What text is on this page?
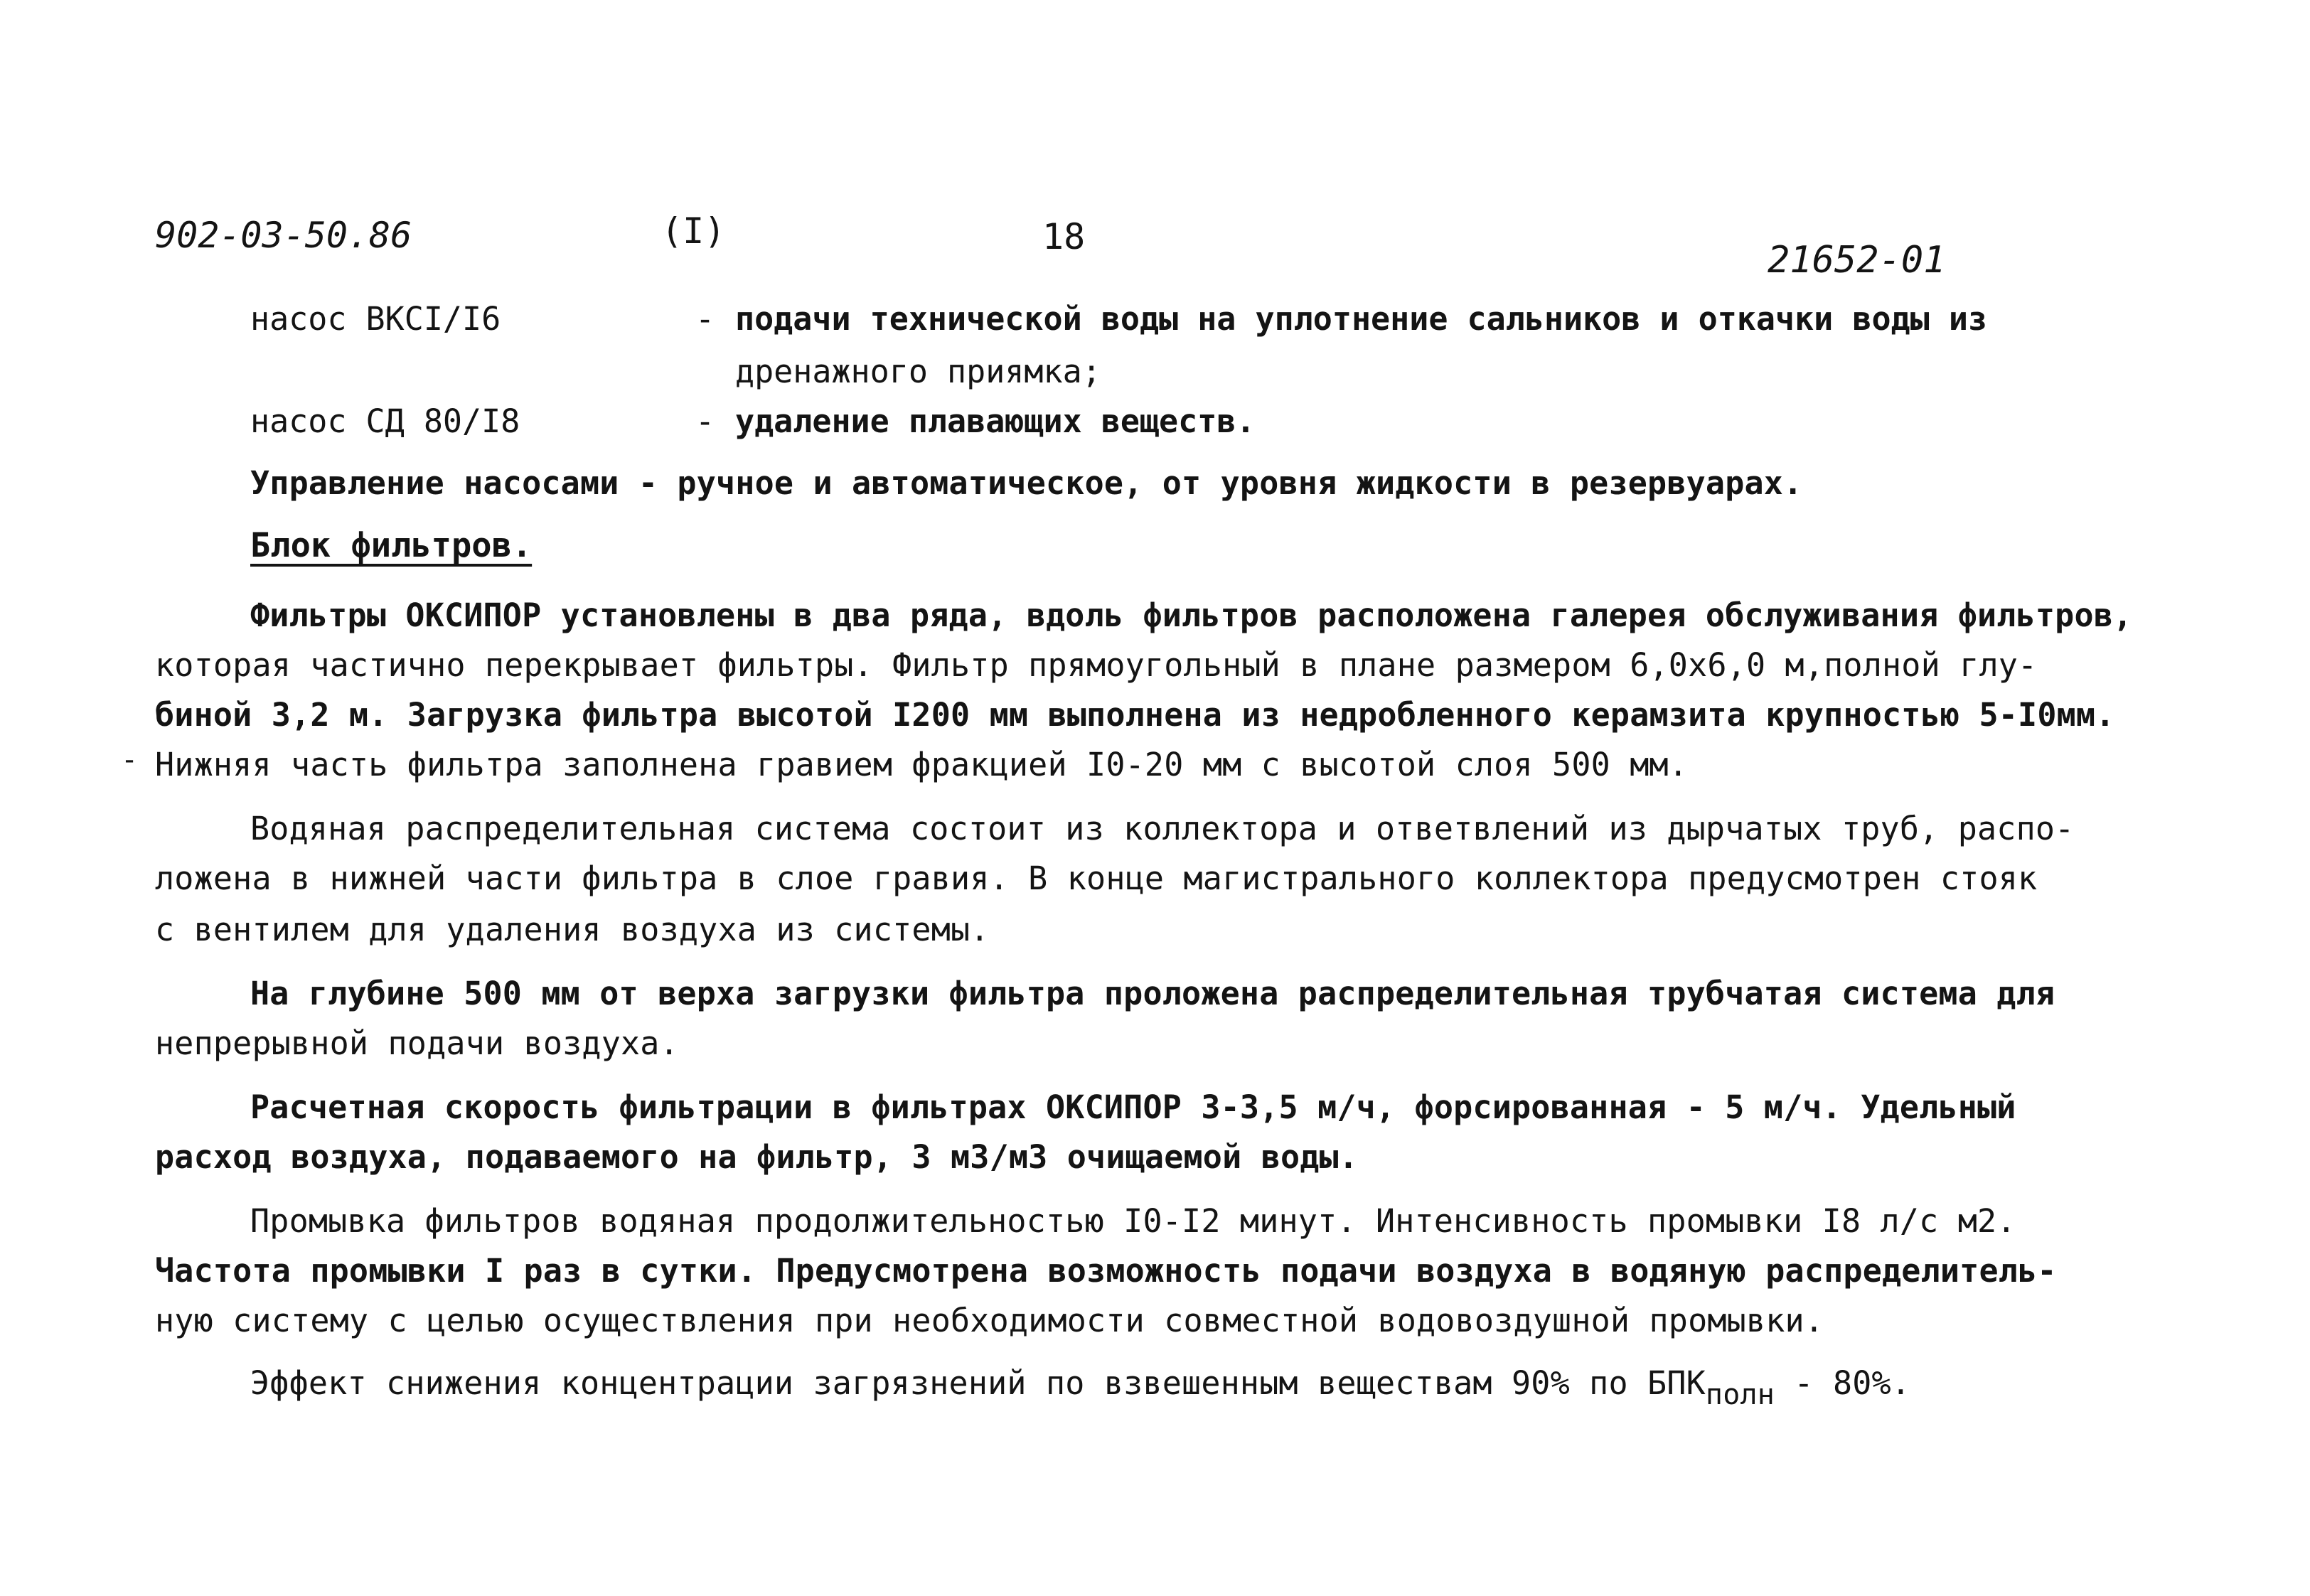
902-03-50.86	(I)	18
21652-01
насос ВКСI/I6	- подачи технической воды на уплотнение сальников и откачки воды из
дренажного приямка;
насос СД 80/I8	- удаление плавающих веществ.
Управление насосами - ручное и автоматическое, от уровня жидкости в резервуарах.
Блок фильтров.
Фильтры ОКСИПОР установлены в два ряда, вдоль фильтров расположена галерея обслуживания фильтров,
которая частично перекрывает фильтры. Фильтр прямоугольный в плане размером 6,0х6,0 м,полной глу-
биной 3,2 м. Загрузка фильтра высотой I200 мм выполнена из недробленного керамзита крупностью 5-I0мм.
- Нижняя часть фильтра заполнена гравием фракцией I0-20 мм с высотой слоя 500 мм.
Водяная распределительная система состоит из коллектора и ответвлений из дырчатых труб, распо-
ложена в нижней части фильтра в слое гравия. В конце магистрального коллектора предусмотрен стояк
с вентилем для удаления воздуха из системы.
На глубине 500 мм от верха загрузки фильтра проложена распределительная трубчатая система для
непрерывной подачи воздуха.
Расчетная скорость фильтрации в фильтрах ОКСИПОР 3-3,5 м/ч, форсированная - 5 м/ч. Удельный
расход воздуха, подаваемого на фильтр, 3 м3/м3 очищаемой воды.
Промывка фильтров водяная продолжительностью I0-I2 минут. Интенсивность промывки I8 л/с м2.
Частота промывки I раз в сутки. Предусмотрена возможность подачи воздуха в водяную распределитель-
ную систему с целью осуществления при необходимости совместной водовоздушной промывки.
Эффект снижения концентрации загрязнений по взвешенным веществам 90% по БПКполн - 80%.
